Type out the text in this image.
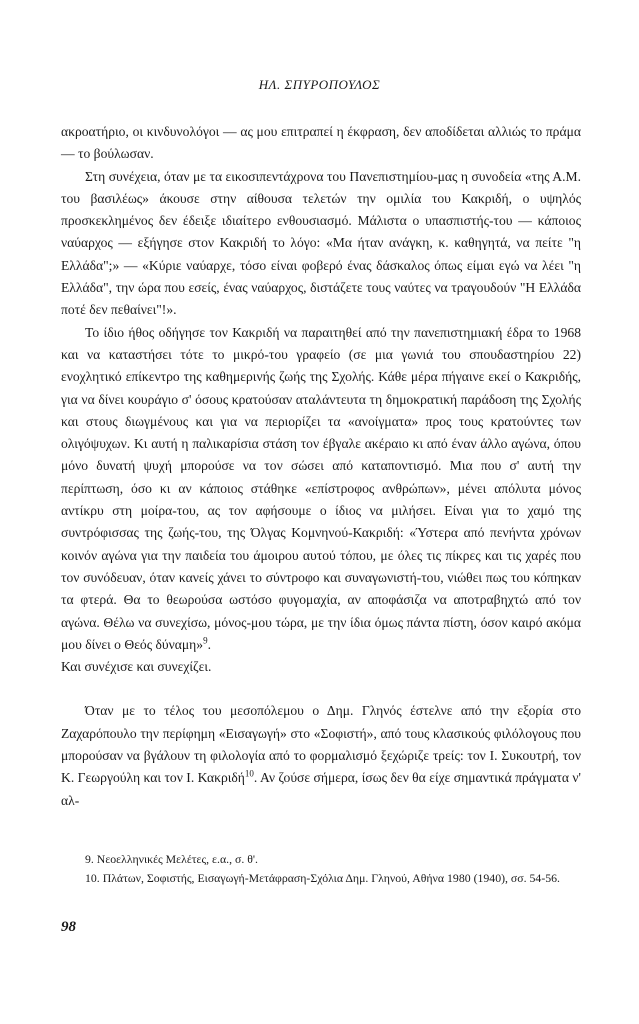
ΗΛ. ΣΠΥΡΟΠΟΥΛΟΣ

ακροατήριο, οι κινδυνολόγοι — ας μου επιτραπεί η έκφραση, δεν αποδίδεται αλλιώς το πράμα — το βούλωσαν.

Στη συνέχεια, όταν με τα εικοσιπεντάχρονα του Πανεπιστημίου-μας η συνοδεία «της Α.Μ. του βασιλέως» άκουσε στην αίθουσα τελετών την ομιλία του Κακριδή, ο υψηλός προσκεκλημένος δεν έδειξε ιδιαίτερο ενθουσιασμό. Μάλιστα ο υπασπιστής-του — κάποιος ναύαρχος — εξήγησε στον Κακριδή το λόγο: «Μα ήταν ανάγκη, κ. καθηγητά, να πείτε "η Ελλάδα";» — «Κύριε ναύαρχε, τόσο είναι φοβερό ένας δάσκαλος όπως είμαι εγώ να λέει "η Ελλάδα", την ώρα που εσείς, ένας ναύαρχος, διστάζετε τους ναύτες να τραγουδούν "Η Ελλάδα ποτέ δεν πεθαίνει"!».

Το ίδιο ήθος οδήγησε τον Κακριδή να παραιτηθεί από την πανεπιστημιακή έδρα το 1968 και να καταστήσει τότε το μικρό-του γραφείο (σε μια γωνιά του σπουδαστηρίου 22) ενοχλητικό επίκεντρο της καθημερινής ζωής της Σχολής. Κάθε μέρα πήγαινε εκεί ο Κακριδής, για να δίνει κουράγιο σ' όσους κρατούσαν αταλάντευτα τη δημοκρατική παράδοση της Σχολής και στους διωγμένους και για να περιορίζει τα «ανοίγματα» προς τους κρατούντες των ολιγόψυχων. Κι αυτή η παλικαρίσια στάση τον έβγαλε ακέραιο κι από έναν άλλο αγώνα, όπου μόνο δυνατή ψυχή μπορούσε να τον σώσει από καταποντισμό. Μια που σ' αυτή την περίπτωση, όσο κι αν κάποιος στάθηκε «επίστροφος ανθρώπων», μένει απόλυτα μόνος αντίκρυ στη μοίρα-του, ας τον αφήσουμε ο ίδιος να μιλήσει. Είναι για το χαμό της συντρόφισσας της ζωής-του, της Όλγας Κομνηνού-Κακριδή: «Ύστερα από πενήντα χρόνων κοινόν αγώνα για την παιδεία του άμοιρου αυτού τόπου, με όλες τις πίκρες και τις χαρές που τον συνόδευαν, όταν κανείς χάνει το σύντροφο και συναγωνιστή-του, νιώθει πως του κόπηκαν τα φτερά. Θα το θεωρούσα ωστόσο φυγομαχία, αν αποφάσιζα να αποτραβηχτώ από τον αγώνα. Θέλω να συνεχίσω, μόνος-μου τώρα, με την ίδια όμως πάντα πίστη, όσον καιρό ακόμα μου δίνει ο Θεός δύναμη»$^9$.

Και συνέχισε και συνεχίζει.

Όταν με το τέλος του μεσοπόλεμου ο Δημ. Γληνός έστελνε από την εξορία στο Ζαχαρόπουλο την περίφημη «Εισαγωγή» στο «Σοφιστή», από τους κλασικούς φιλόλογους που μπορούσαν να βγάλουν τη φιλολογία από το φορμαλισμό ξεχώριζε τρείς: τον Ι. Συκουτρή, τον Κ. Γεωργούλη και τον Ι. Κακριδή$^{10}$. Αν ζούσε σήμερα, ίσως δεν θα είχε σημαντικά πράγματα ν' αλ-

9. Νεοελληνικές Μελέτες, ε.α., σ. θ'.

10. Πλάτων, Σοφιστής, Εισαγωγή-Μετάφραση-Σχόλια Δημ. Γληνού, Αθήνα 1980 (1940), σσ. 54-56.

98
